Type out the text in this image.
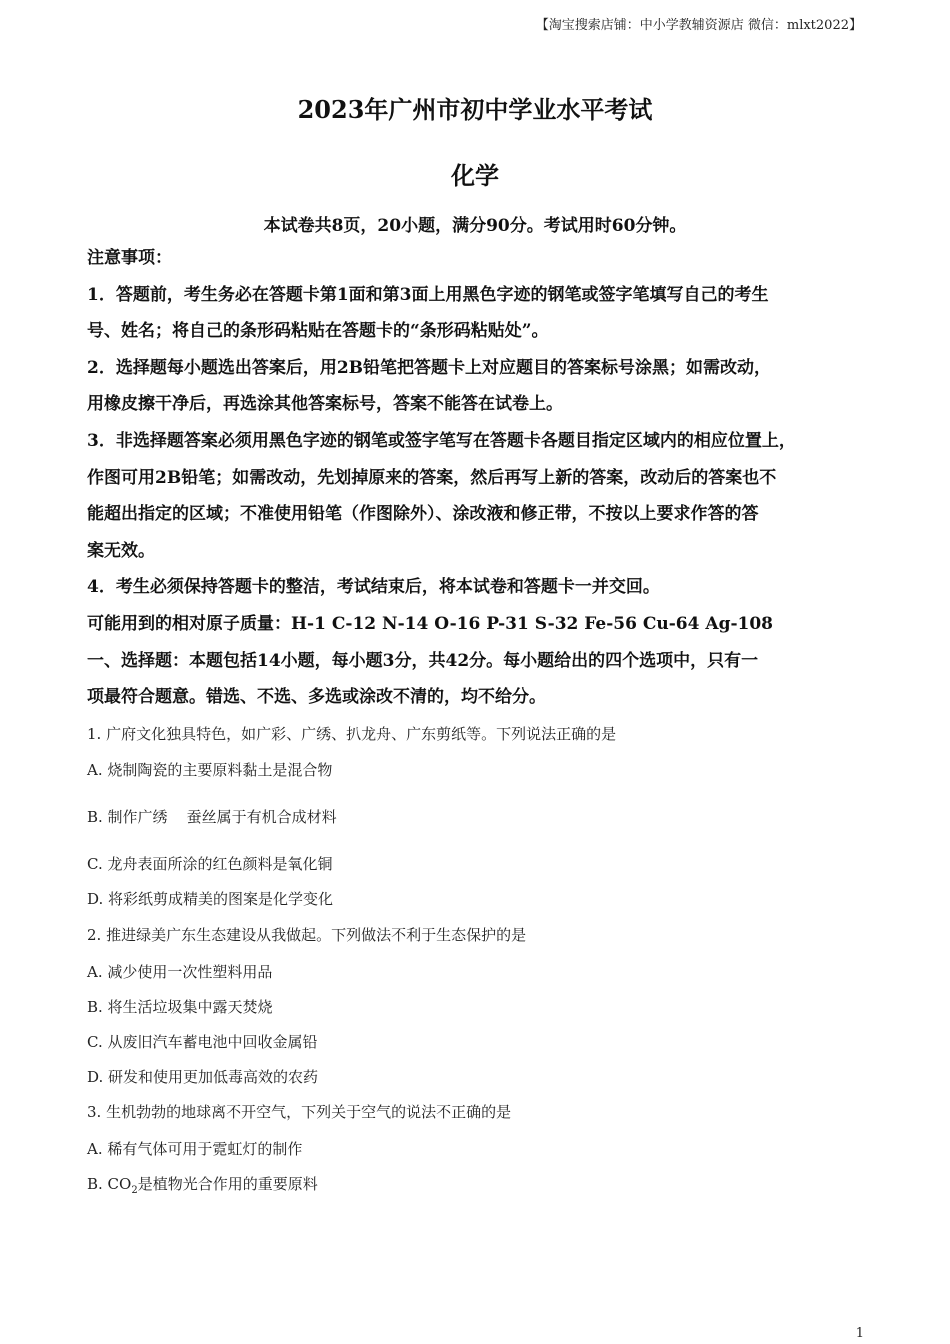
【淘宝搜索店铺：中小学教辅资源店 微信：mlxt2022】
2023年广州市初中学业水平考试
化学
本试卷共8页，20小题，满分90分。考试用时60分钟。

注意事项：

1．答题前，考生务必在答题卡第1面和第3面上用黑色字迹的钢笔或签字笔填写自己的考生

号、姓名；将自己的条形码粘贴在答题卡的“条形码粘贴处”。

2．选择题每小题选出答案后，用2B铅笔把答题卡上对应题目的答案标号涂黑；如需改动，

用橡皮擦干净后，再选涂其他答案标号，答案不能答在试卷上。

3．非选择题答案必须用黑色字迹的钢笔或签字笔写在答题卡各题目指定区域内的相应位置上，

作图可用2B铅笔；如需改动，先划掉原来的答案，然后再写上新的答案，改动后的答案也不

能超出指定的区域；不准使用铅笔（作图除外）、涂改液和修正带，不按以上要求作答的答

案无效。

4．考生必须保持答题卡的整洁，考试结束后，将本试卷和答题卡一并交回。

可能用到的相对原子质量：H-1 C-12 N-14 O-16 P-31 S-32 Fe-56 Cu-64 Ag-108

一、选择题：本题包括14小题，每小题3分，共42分。每小题给出的四个选项中，只有一

项最符合题意。错选、不选、多选或涂改不清的，均不给分。

1. 广府文化独具特色，如广彩、广绣、扒龙舟、广东剪纸等。下列说法正确的是
A. 烧制陶瓷的主要原料黏土是混合物
B. 制作广绣    蚕丝属于有机合成材料
C. 龙舟表面所涂的红色颜料是氧化铜
D. 将彩纸剪成精美的图案是化学变化
2. 推进绿美广东生态建设从我做起。下列做法不利于生态保护的是
A. 减少使用一次性塑料用品
B. 将生活垃圾集中露天焚烧
C. 从废旧汽车蓄电池中回收金属铅
D. 研发和使用更加低毒高效的农药
3. 生机勃勃的地球离不开空气，下列关于空气的说法不正确的是
A. 稀有气体可用于霓虹灯的制作
B. $CO_2$是植物光合作用的重要原料
1
